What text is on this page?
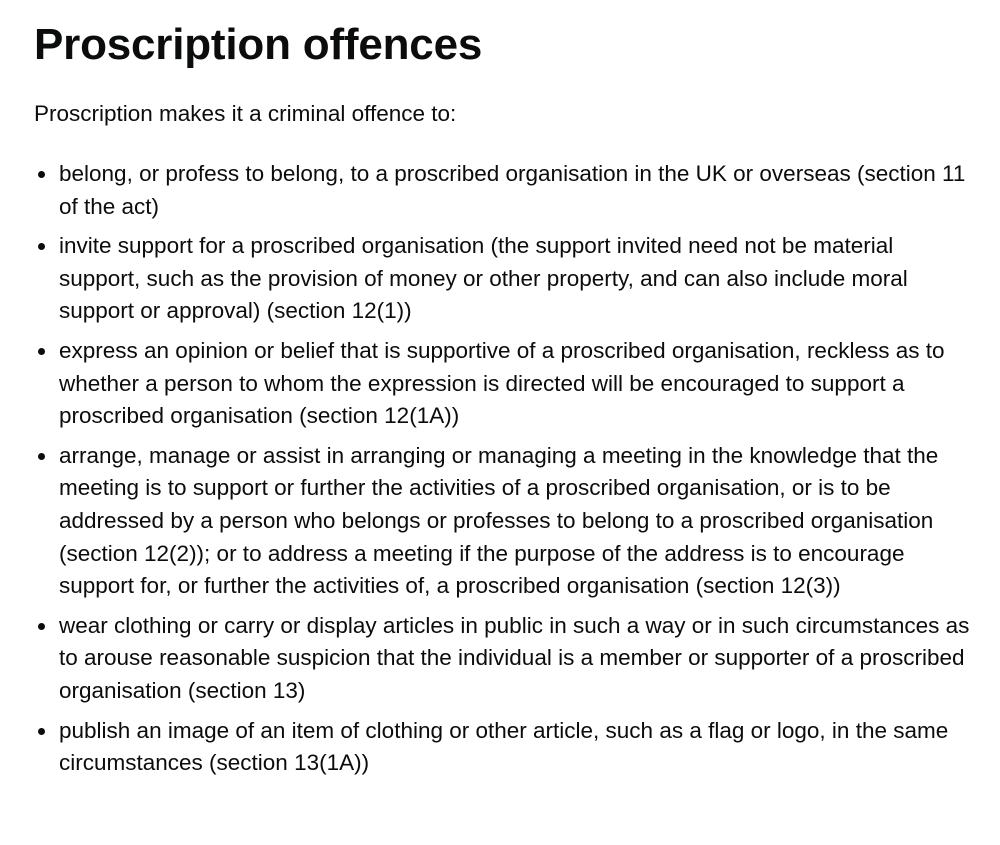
Proscription offences

Proscription makes it a criminal offence to:

belong, or profess to belong, to a proscribed organisation in the UK or overseas (section 11 of the act)
invite support for a proscribed organisation (the support invited need not be material support, such as the provision of money or other property, and can also include moral support or approval) (section 12(1))
express an opinion or belief that is supportive of a proscribed organisation, reckless as to whether a person to whom the expression is directed will be encouraged to support a proscribed organisation (section 12(1A))
arrange, manage or assist in arranging or managing a meeting in the knowledge that the meeting is to support or further the activities of a proscribed organisation, or is to be addressed by a person who belongs or professes to belong to a proscribed organisation (section 12(2)); or to address a meeting if the purpose of the address is to encourage support for, or further the activities of, a proscribed organisation (section 12(3))
wear clothing or carry or display articles in public in such a way or in such circumstances as to arouse reasonable suspicion that the individual is a member or supporter of a proscribed organisation (section 13)
publish an image of an item of clothing or other article, such as a flag or logo, in the same circumstances (section 13(1A))
